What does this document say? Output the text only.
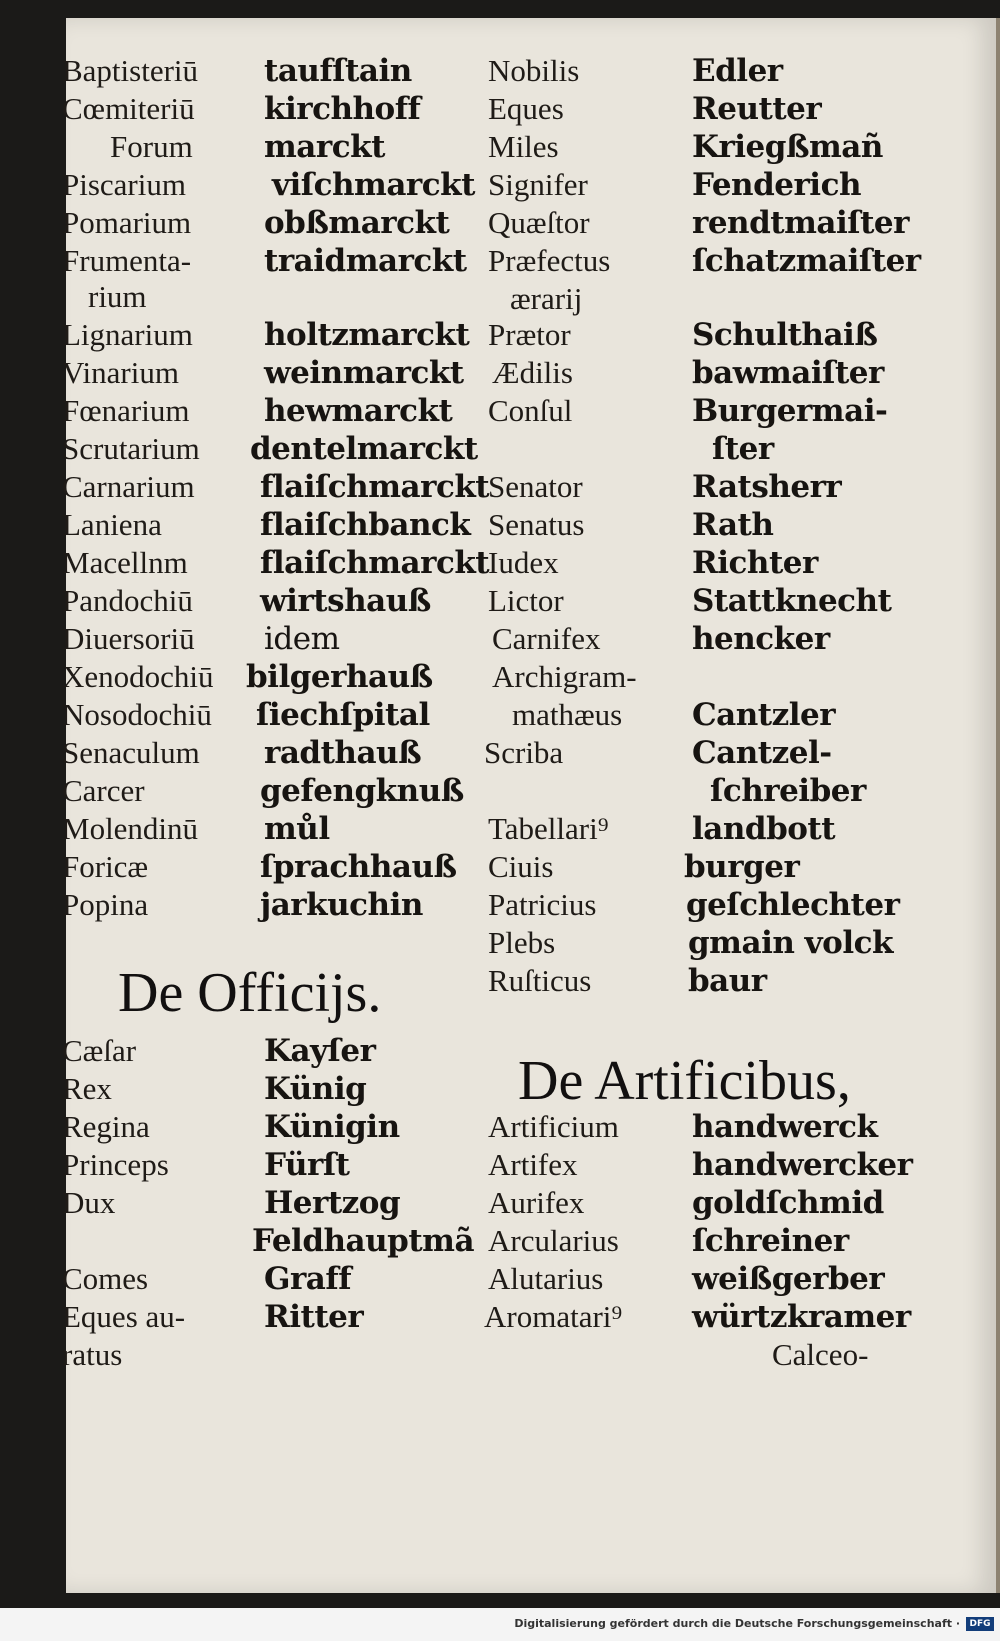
Baptisteriū
Cœmiteriū
Forum
Piscarium
Pomarium
Frumenta-
rium
Lignarium
Vinarium
Fœnarium
Scrutarium
Carnarium
Laniena
Macellnm
Pandochiū
Diuersoriū
Xenodochiū
Nosodochiū
Senaculum
Carcer
Molendinū
Foricæ
Popina
taufſtain
kirchhoff
marckt
viſchmarckt
obßmarckt
traidmarckt
holtzmarckt
weinmarckt
hewmarckt
dentelmarckt
flaiſchmarckt
flaiſchbanck
flaiſchmarckt
wirtshauß
idem
bilgerhauß
ſiechſpital
radthauß
gefengknuß
můl
ſprachhauß
jarkuchin
Nobilis
Eques
Miles
Signifer
Quæſtor
Præfectus
ærarij
Prætor
Ædilis
Conſul
Senator
Senatus
Iudex
Lictor
Carnifex
Archigram-
mathæus
Scriba
Tabellari⁹
Ciuis
Patricius
Plebs
Ruſticus
Edler
Reutter
Kriegßmañ
Fenderich
rendtmaiſter
ſchatzmaiſter
Schulthaiß
bawmaiſter
Burgermai-
ſter
Ratsherr
Rath
Richter
Stattknecht
hencker
Cantzler
Cantzel-
ſchreiber
landbott
burger
geſchlechter
gmain volck
baur
De Officijs.
De Artificibus,
Cæſar
Rex
Regina
Princeps
Dux
Comes
Eques au-
ratus
Kayſer
Künig
Künigin
Fürſt
Hertzog
Feldhauptmã
Graff
Ritter
Artificium
Artifex
Aurifex
Arcularius
Alutarius
Aromatari⁹
handwerck
handwercker
goldſchmid
ſchreiner
weißgerber
würtzkramer
Calceo-
Digitalisierung gefördert durch die Deutsche Forschungsgemeinschaft ·	DFG
